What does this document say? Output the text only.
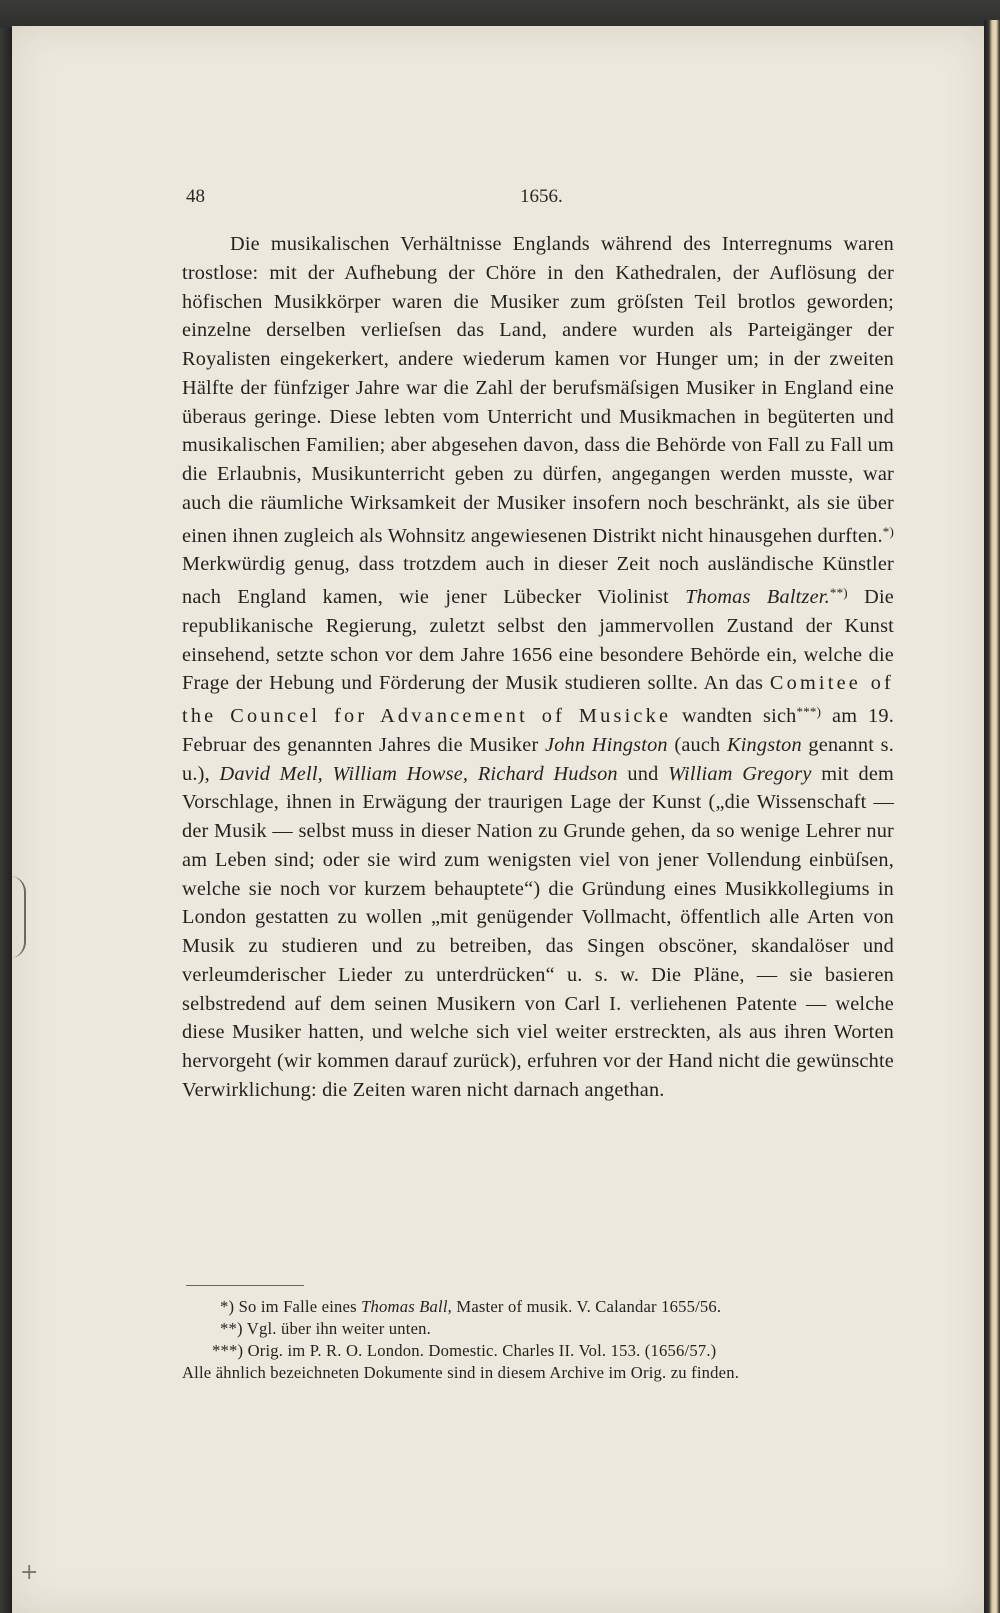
48	1656.

Die musikalischen Verhältnisse Englands während des Interregnums waren trostlose: mit der Aufhebung der Chöre in den Kathedralen, der Auflösung der höfischen Musikkörper waren die Musiker zum gröſsten Teil brotlos geworden; einzelne derselben verlieſsen das Land, andere wurden als Parteigänger der Royalisten eingekerkert, andere wiederum kamen vor Hunger um; in der zweiten Hälfte der fünfziger Jahre war die Zahl der berufsmäſsigen Musiker in England eine überaus geringe. Diese lebten vom Unterricht und Musikmachen in begüterten und musikalischen Familien; aber abgesehen davon, dass die Behörde von Fall zu Fall um die Erlaubnis, Musikunterricht geben zu dürfen, angegangen werden musste, war auch die räumliche Wirksamkeit der Musiker insofern noch beschränkt, als sie über einen ihnen zugleich als Wohnsitz angewiesenen Distrikt nicht hinausgehen durften.*) Merkwürdig genug, dass trotzdem auch in dieser Zeit noch ausländische Künstler nach England kamen, wie jener Lübecker Violinist Thomas Baltzer.**) Die republikanische Regierung, zuletzt selbst den jammervollen Zustand der Kunst einsehend, setzte schon vor dem Jahre 1656 eine besondere Behörde ein, welche die Frage der Hebung und Förderung der Musik studieren sollte. An das Comitee of the Councel for Advancement of Musicke wandten sich***) am 19. Februar des genannten Jahres die Musiker John Hingston (auch Kingston genannt s. u.), David Mell, William Howse, Richard Hudson und William Gregory mit dem Vorschlage, ihnen in Erwägung der traurigen Lage der Kunst („die Wissenschaft — der Musik — selbst muss in dieser Nation zu Grunde gehen, da so wenige Lehrer nur am Leben sind; oder sie wird zum wenigsten viel von jener Vollendung einbüſsen, welche sie noch vor kurzem behauptete“) die Gründung eines Musikkollegiums in London gestatten zu wollen „mit genügender Vollmacht, öffentlich alle Arten von Musik zu studieren und zu betreiben, das Singen obscöner, skandalöser und verleumderischer Lieder zu unterdrücken“ u. s. w. Die Pläne, — sie basieren selbstredend auf dem seinen Musikern von Carl I. verliehenen Patente — welche diese Musiker hatten, und welche sich viel weiter erstreckten, als aus ihren Worten hervorgeht (wir kommen darauf zurück), erfuhren vor der Hand nicht die gewünschte Verwirklichung: die Zeiten waren nicht darnach angethan.

*) So im Falle eines Thomas Ball, Master of musik. V. Calandar 1655/56.

**) Vgl. über ihn weiter unten.

***) Orig. im P. R. O. London. Domestic. Charles II. Vol. 153. (1656/57.)

Alle ähnlich bezeichneten Dokumente sind in diesem Archive im Orig. zu finden.

+
